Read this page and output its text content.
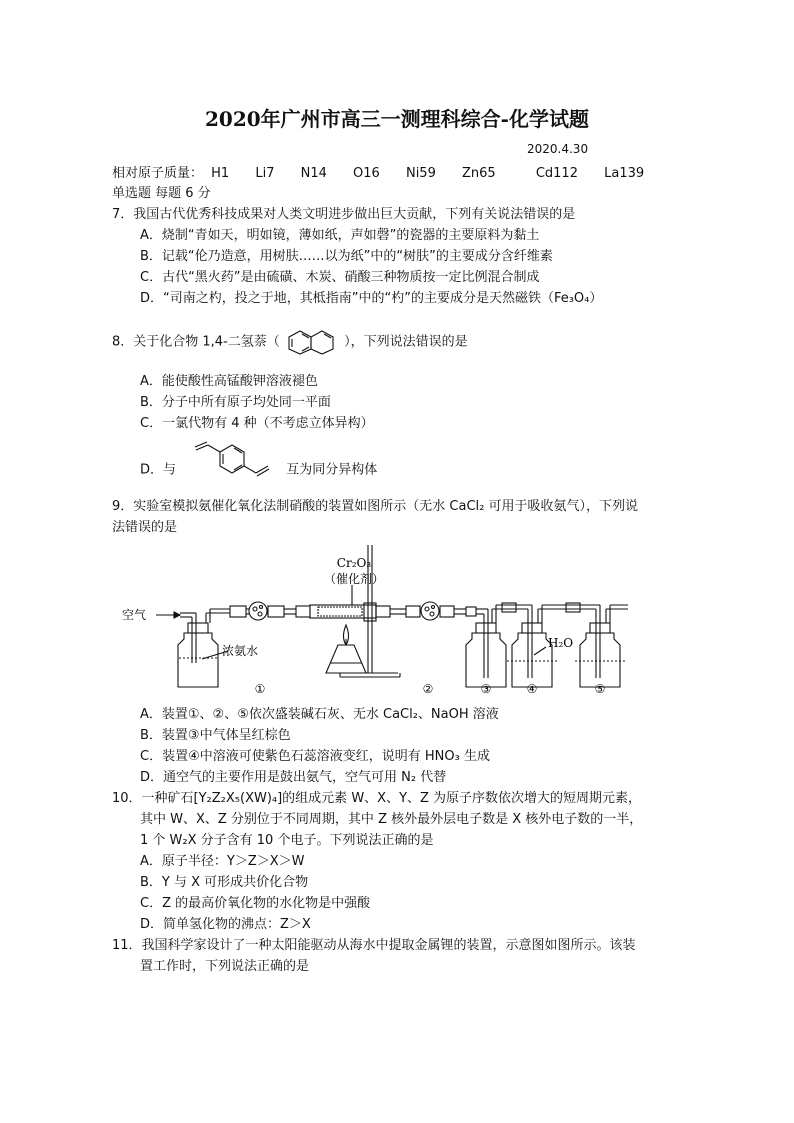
2020年广州市高三一测理科综合-化学试题
2020.4.30
相对原子质量： H1 Li7 N14 O16 Ni59 Zn65	Cd112 La139
单选题 每题 6 分
7．我国古代优秀科技成果对人类文明进步做出巨大贡献，下列有关说法错误的是
A．烧制“青如天，明如镜，薄如纸，声如磬”的瓷器的主要原料为黏土
B．记载“伦乃造意，用树肤……以为纸”中的“树肤”的主要成分含纤维素
C．古代“黑火药”是由硫磺、木炭、硝酸三种物质按一定比例混合制成
D．“司南之杓，投之于地，其柢指南”中的“杓”的主要成分是天然磁铁（Fe₃O₄）
8．关于化合物 1,4-二氢萘（	），下列说法错误的是
A．能使酸性高锰酸钾溶液褪色
B．分子中所有原子均处同一平面
C．一氯代物有 4 种（不考虑立体异构）
D．与	互为同分异构体
9．实验室模拟氨催化氧化法制硝酸的装置如图所示（无水 CaCl₂ 可用于吸收氨气），下列说
法错误的是
Cr₂O₃
（催化剂）
空气
浓氨水
H₂O
①	②	③	④	⑤
A．装置①、②、⑤依次盛装碱石灰、无水 CaCl₂、NaOH 溶液
B．装置③中气体呈红棕色
C．装置④中溶液可使紫色石蕊溶液变红，说明有 HNO₃ 生成
D．通空气的主要作用是鼓出氨气，空气可用 N₂ 代替
10．一种矿石[Y₂Z₂X₅(XW)₄]的组成元素 W、X、Y、Z 为原子序数依次增大的短周期元素，
其中 W、X、Z 分别位于不同周期，其中 Z 核外最外层电子数是 X 核外电子数的一半，
1 个 W₂X 分子含有 10 个电子。下列说法正确的是
A．原子半径：Y＞Z＞X＞W
B．Y 与 X 可形成共价化合物
C．Z 的最高价氧化物的水化物是中强酸
D．简单氢化物的沸点：Z＞X
11．我国科学家设计了一种太阳能驱动从海水中提取金属锂的装置，示意图如图所示。该装
置工作时，下列说法正确的是
